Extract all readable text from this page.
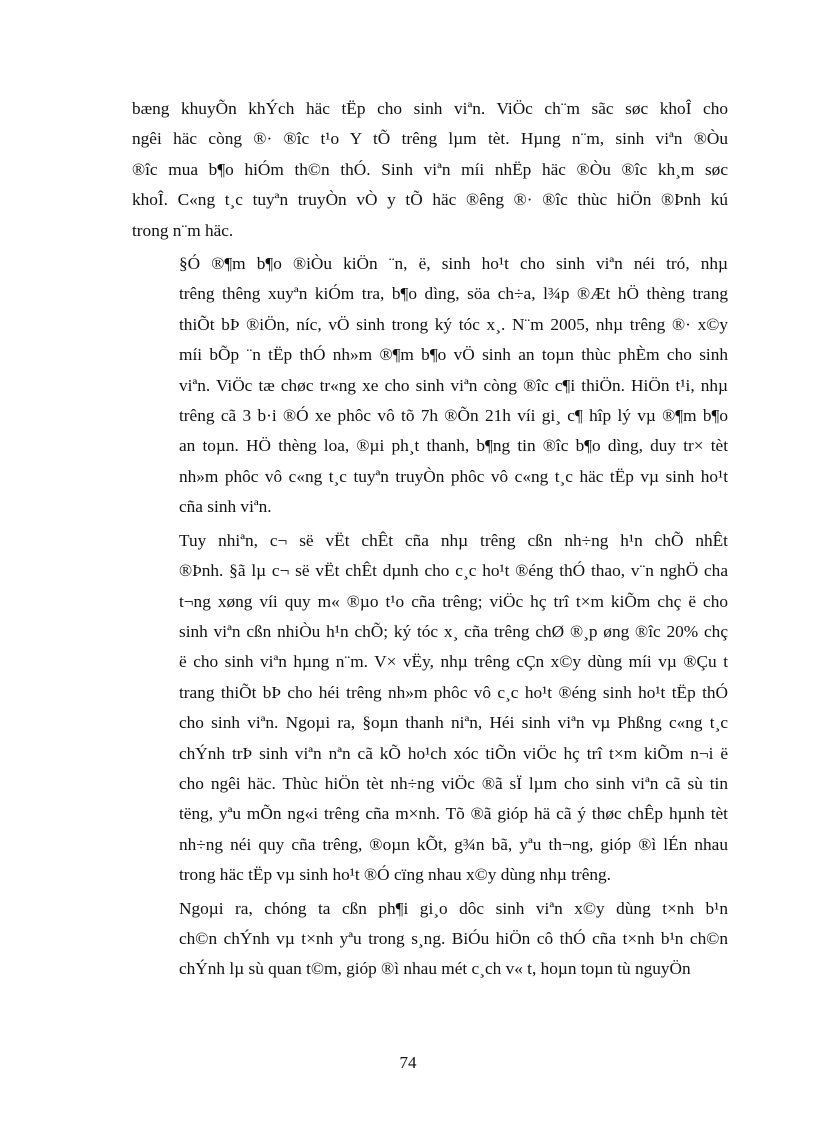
bæng khuyÕn khÝch häc tËp cho sinh viªn. ViÖc ch¨m sãc søc khoÎ cho
ngêi häc còng ®· ®îc t¹o Y tÕ trêng lµm tèt. Hµng n¨m, sinh viªn ®Òu
®îc mua b¶o hiÓm th©n thÓ. Sinh viªn míi nhËp häc ®Òu ®îc kh¸m søc
khoÎ. C«ng t¸c tuyªn truyÒn vÒ y tÕ häc ®êng ®· ®îc thùc hiÖn ®Þnh kú
trong n¨m häc.

§Ó ®¶m b¶o ®iÒu kiÖn ¨n, ë, sinh ho¹t cho sinh viªn néi tró, nhµ
trêng thêng xuyªn kiÓm tra, b¶o dìng, söa ch÷a, l¾p ®Æt hÖ thèng trang
thiÕt bÞ ®iÖn, níc, vÖ sinh trong ký tóc x¸. N¨m 2005, nhµ trêng ®· x©y
míi bÕp ¨n tËp thÓ nh»m ®¶m b¶o vÖ sinh an toµn thùc phÈm cho sinh
viªn. ViÖc tæ chøc tr«ng xe cho sinh viªn còng ®îc c¶i thiÖn. HiÖn t¹i, nhµ
trêng cã 3 b·i ®Ó xe phôc vô tõ 7h ®Õn 21h víi gi¸ c¶ hîp lý vµ ®¶m b¶o
an toµn. HÖ thèng loa, ®µi ph¸t thanh, b¶ng tin ®îc b¶o dìng, duy tr× tèt
nh»m phôc vô c«ng t¸c tuyªn truyÒn phôc vô c«ng t¸c häc tËp vµ sinh ho¹t
cña sinh viªn.

Tuy nhiªn, c¬ së vËt chÊt cña nhµ trêng cßn nh÷ng h¹n chÕ nhÊt
®Þnh. §ã lµ c¬ së vËt chÊt dµnh cho c¸c ho¹t ®éng thÓ thao, v¨n nghÖ cha
t¬ng xøng víi quy m« ®µo t¹o cña trêng; viÖc hç trî t×m kiÕm chç ë cho
sinh viªn cßn nhiÒu h¹n chÕ; ký tóc x¸ cña trêng chØ ®¸p øng ®îc 20% chç
ë cho sinh viªn hµng n¨m. V× vËy, nhµ trêng cÇn x©y dùng míi vµ ®Çu t
trang thiÕt bÞ cho héi trêng nh»m phôc vô c¸c ho¹t ®éng sinh ho¹t tËp thÓ
cho sinh viªn. Ngoµi ra, §oµn thanh niªn, Héi sinh viªn vµ Phßng c«ng t¸c
chÝnh trÞ sinh viªn nªn cã kÕ ho¹ch xóc tiÕn viÖc hç trî t×m kiÕm n¬i ë
cho ngêi häc. Thùc hiÖn tèt nh÷ng viÖc ®ã sÏ lµm cho sinh viªn cã sù tin
tëng, yªu mÕn ng«i trêng cña m×nh. Tõ ®ã gióp hä cã ý thøc chÊp hµnh tèt
nh÷ng néi quy cña trêng, ®oµn kÕt, g¾n bã, yªu th¬ng, gióp ®ì lÉn nhau
trong häc tËp vµ sinh ho¹t ®Ó cïng nhau x©y dùng nhµ trêng.

Ngoµi ra, chóng ta cßn ph¶i gi¸o dôc sinh viªn x©y dùng t×nh b¹n
ch©n chÝnh vµ t×nh yªu trong s¸ng. BiÓu hiÖn cô thÓ cña t×nh b¹n ch©n
chÝnh lµ sù quan t©m, gióp ®ì nhau mét c¸ch v« t, hoµn toµn tù nguyÖn

74
